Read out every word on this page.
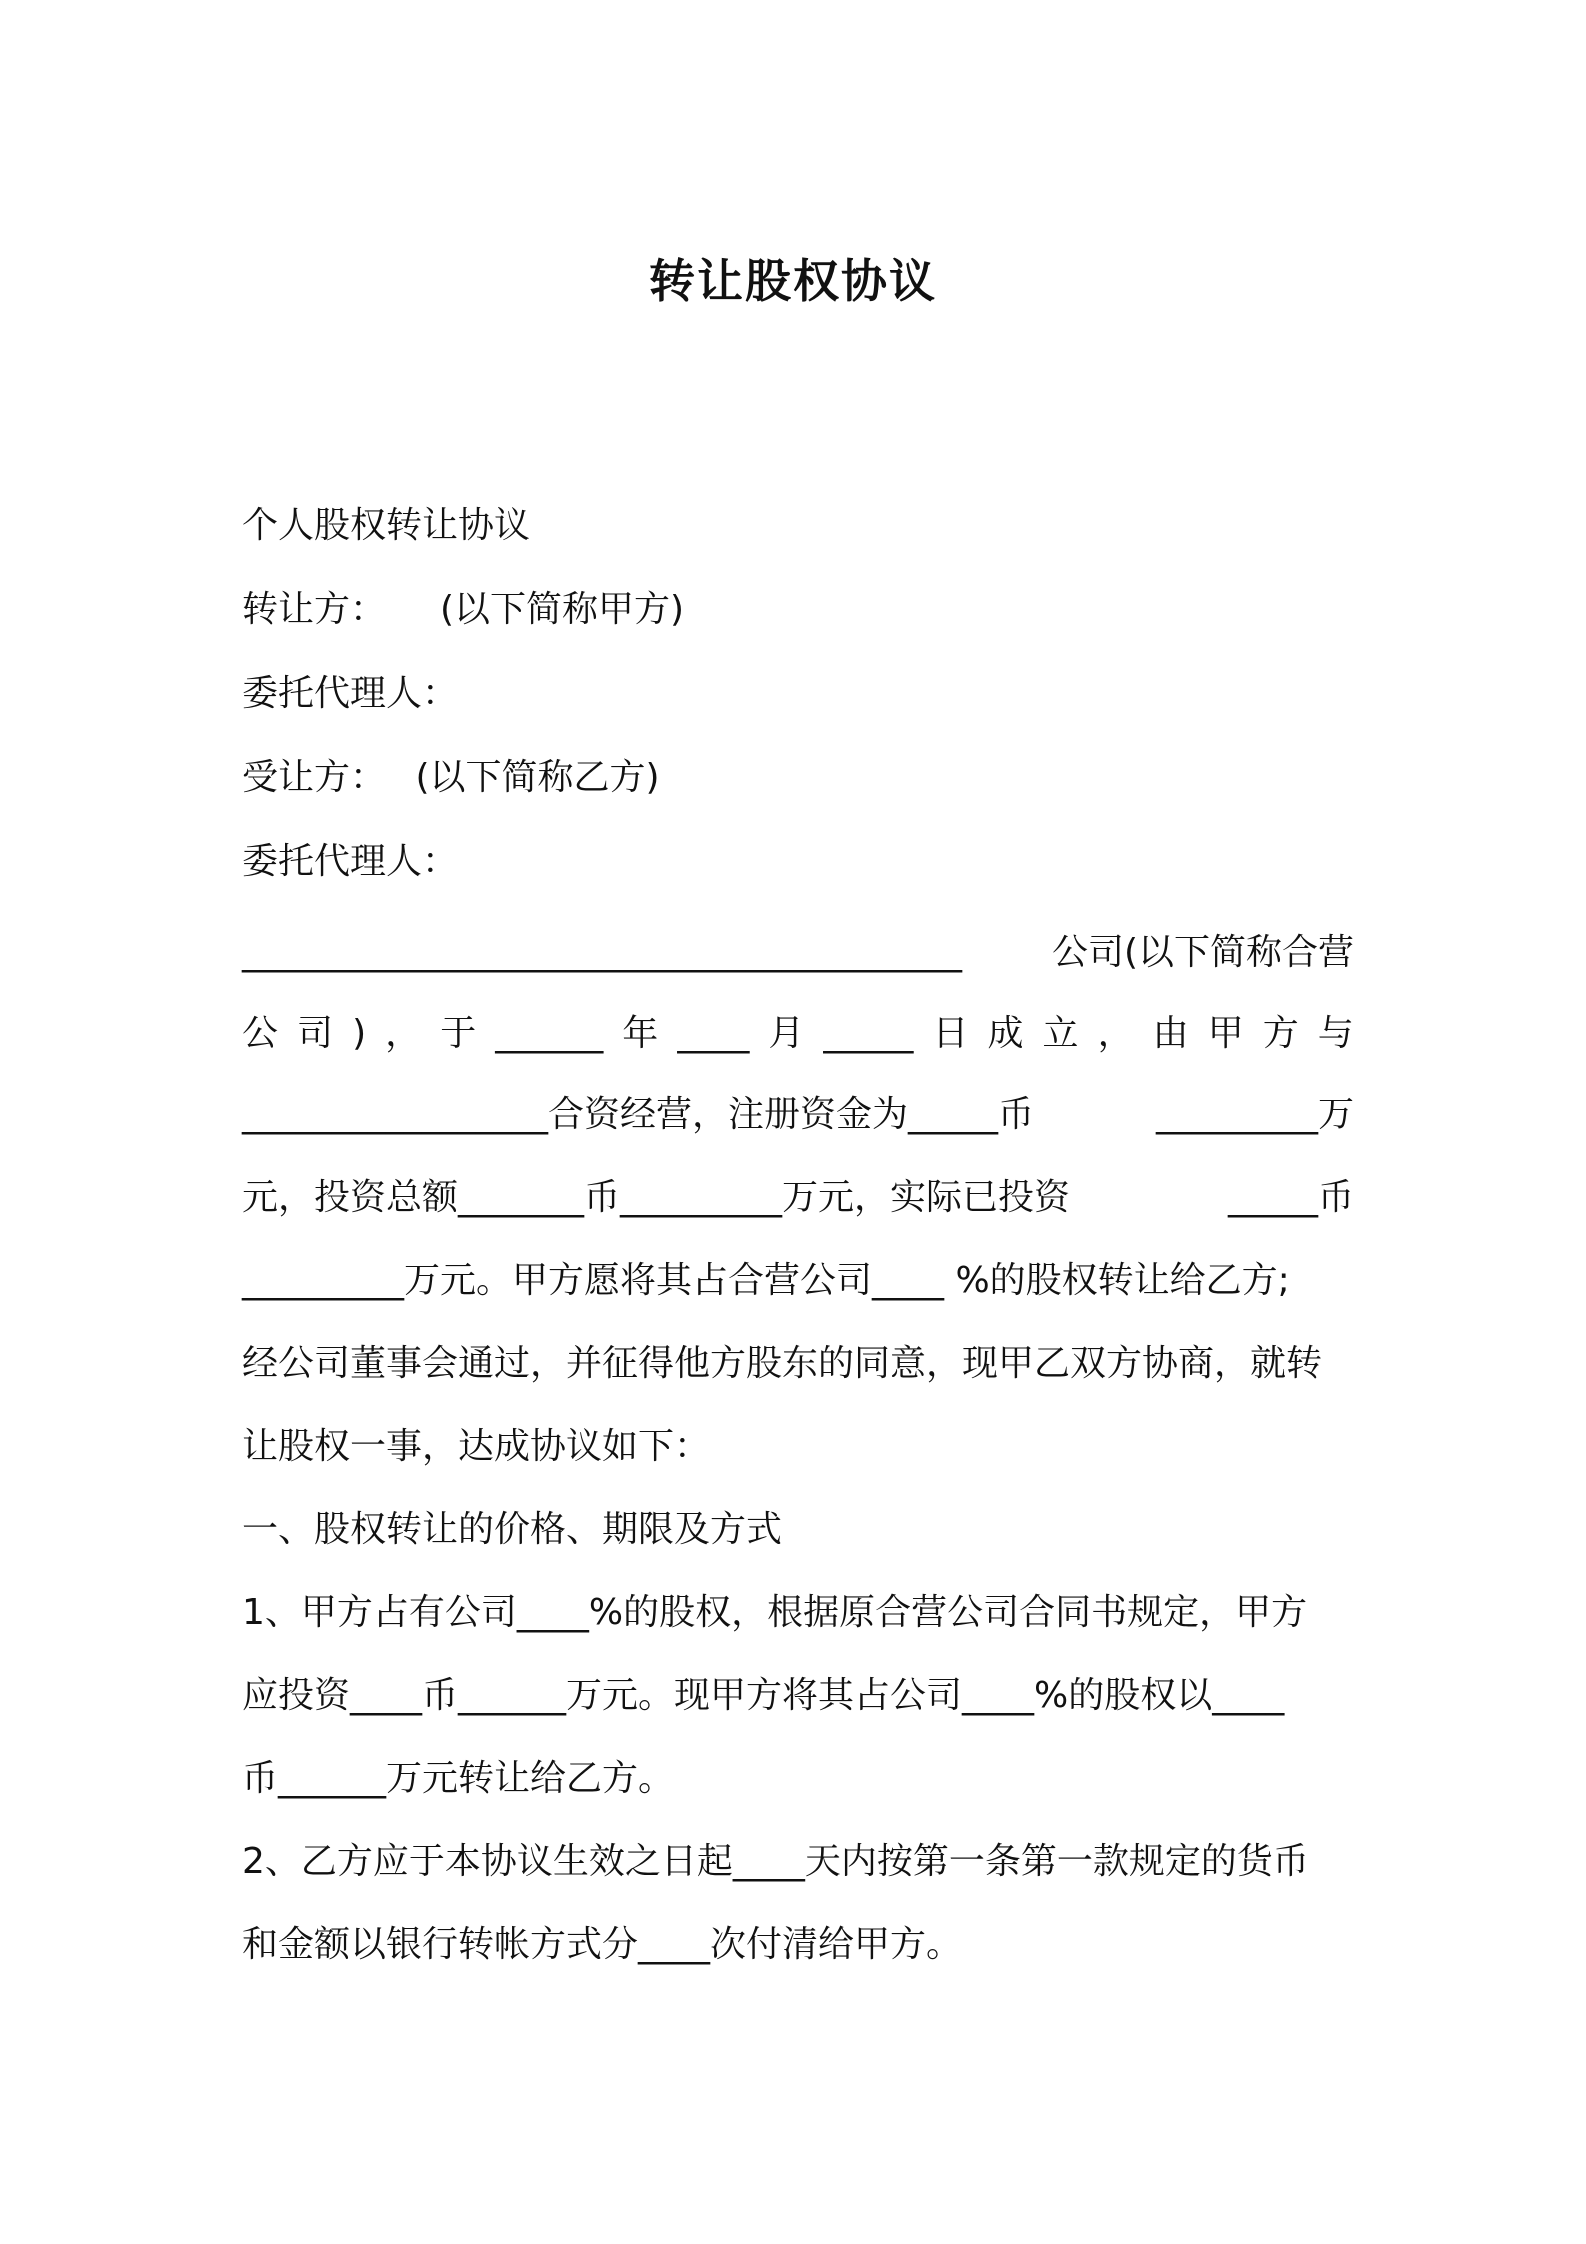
转让股权协议
个人股权转让协议
转让方：　　(以下简称甲方)
委托代理人：
受让方：　 (以下简称乙方)
委托代理人：
________________________________________ 公司(以下简称合营
公 司 ) ， 于 ______ 年 ____ 月 _____ 日 成 立 ， 由 甲 方 与
_________________合资经营，注册资金为_____币	_________万
元，投资总额_______币_________万元，实际已投资	_____币
_________万元。甲方愿将其占合营公司____ %的股权转让给乙方;
经公司董事会通过，并征得他方股东的同意，现甲乙双方协商，就转
让股权一事，达成协议如下：
一、股权转让的价格、期限及方式
1、甲方占有公司____%的股权，根据原合营公司合同书规定，甲方
应投资____币______万元。现甲方将其占公司____%的股权以____
币______万元转让给乙方。
2、乙方应于本协议生效之日起____天内按第一条第一款规定的货币
和金额以银行转帐方式分____次付清给甲方。
